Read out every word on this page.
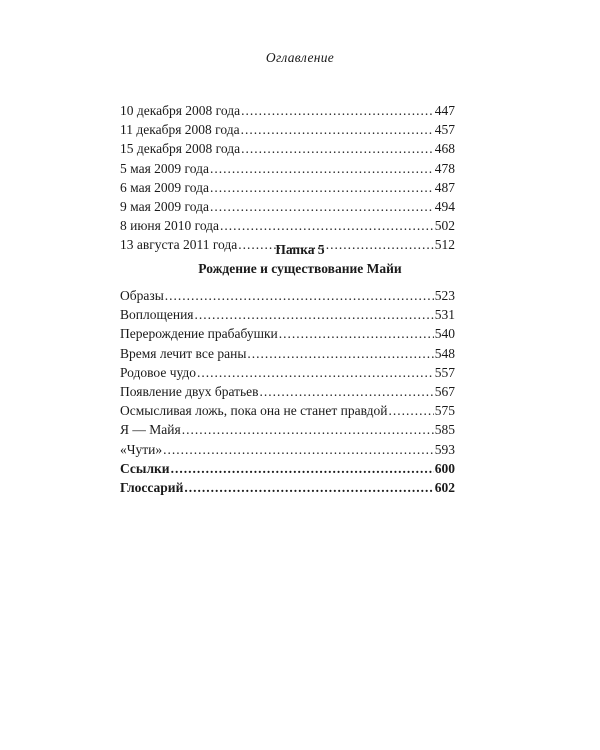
Оглавление
10 декабря 2008 года .....	447
11 декабря 2008 года .....	457
15 декабря 2008 года .....	468
5 мая 2009 года .....	478
6 мая 2009 года .....	487
9 мая 2009 года .....	494
8 июня 2010 года .....	502
13 августа 2011 года .....	512
Папка 5
Рождение и существование Майи
Образы .....	523
Воплощения .....	531
Перерождение прабабушки .....	540
Время лечит все раны .....	548
Родовое чудо .....	557
Появление двух братьев .....	567
Осмысливая ложь, пока она не станет правдой .....	575
Я — Майя .....	585
«Чути» .....	593
Ссылки .....	600
Глоссарий .....	602
